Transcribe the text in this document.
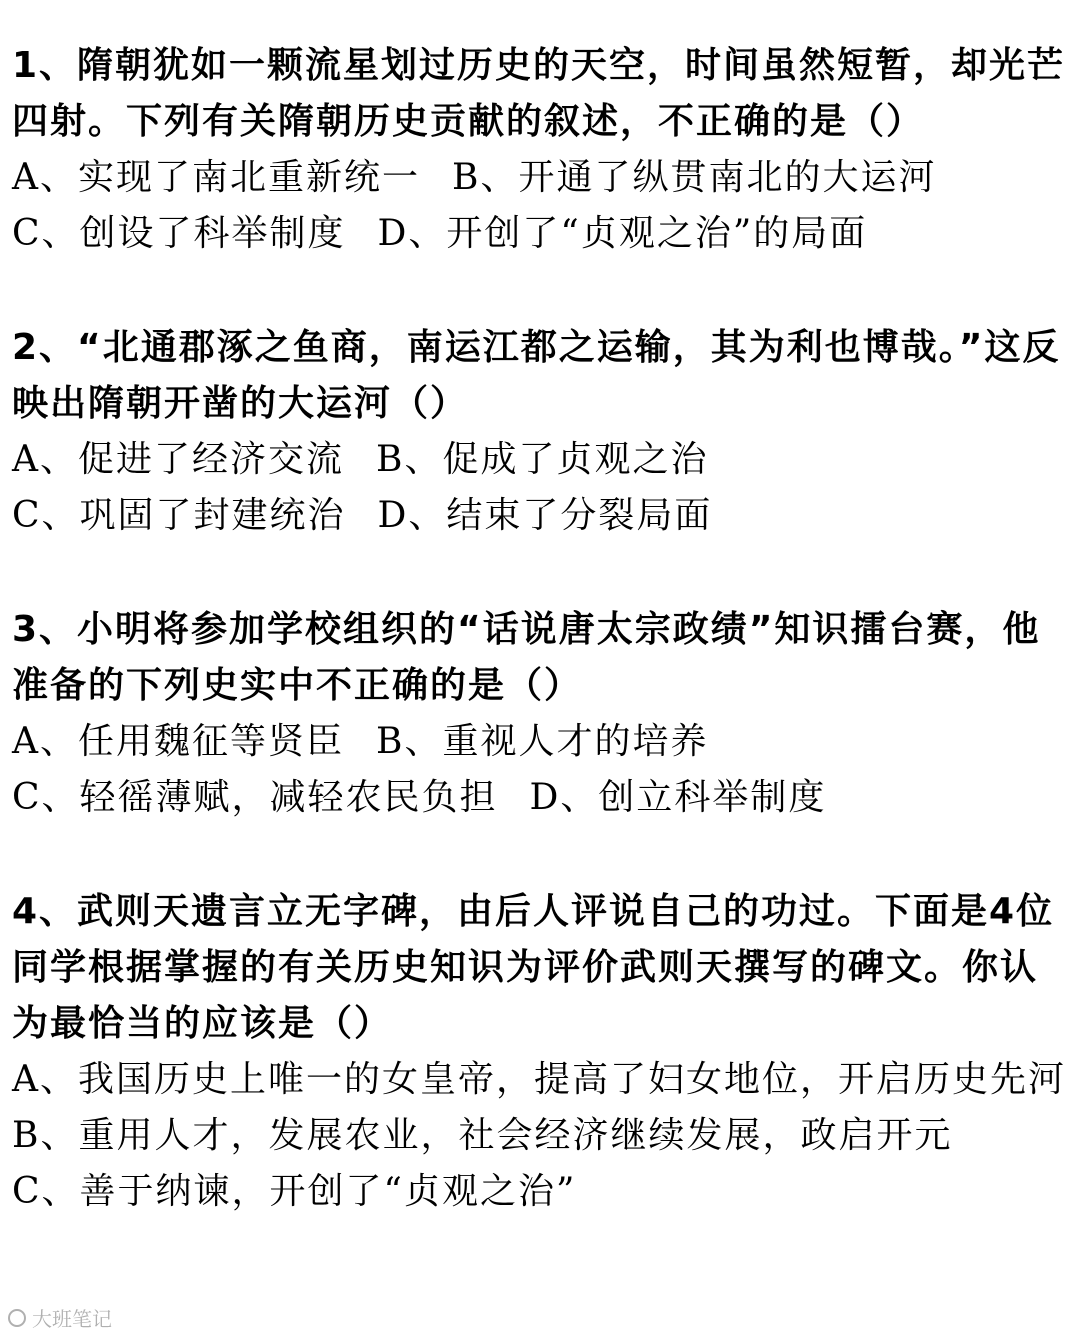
1、隋朝犹如一颗流星划过历史的天空，时间虽然短暂，却光芒四射。下列有关隋朝历史贡献的叙述，不正确的是（）

A、实现了南北重新统一 B、开通了纵贯南北的大运河

C、创设了科举制度 D、开创了“贞观之治”的局面

2、“北通郡涿之鱼商，南运江都之运输，其为利也博哉。”这反映出隋朝开凿的大运河（）

A、促进了经济交流 B、促成了贞观之治

C、巩固了封建统治 D、结束了分裂局面

3、小明将参加学校组织的“话说唐太宗政绩”知识擂台赛，他准备的下列史实中不正确的是（）

A、任用魏征等贤臣 B、重视人才的培养

C、轻徭薄赋，减轻农民负担 D、创立科举制度

4、武则天遗言立无字碑，由后人评说自己的功过。下面是4位同学根据掌握的有关历史知识为评价武则天撰写的碑文。你认为最恰当的应该是（）

A、我国历史上唯一的女皇帝，提高了妇女地位，开启历史先河

B、重用人才，发展农业，社会经济继续发展，政启开元

C、善于纳谏，开创了“贞观之治”

大班笔记
